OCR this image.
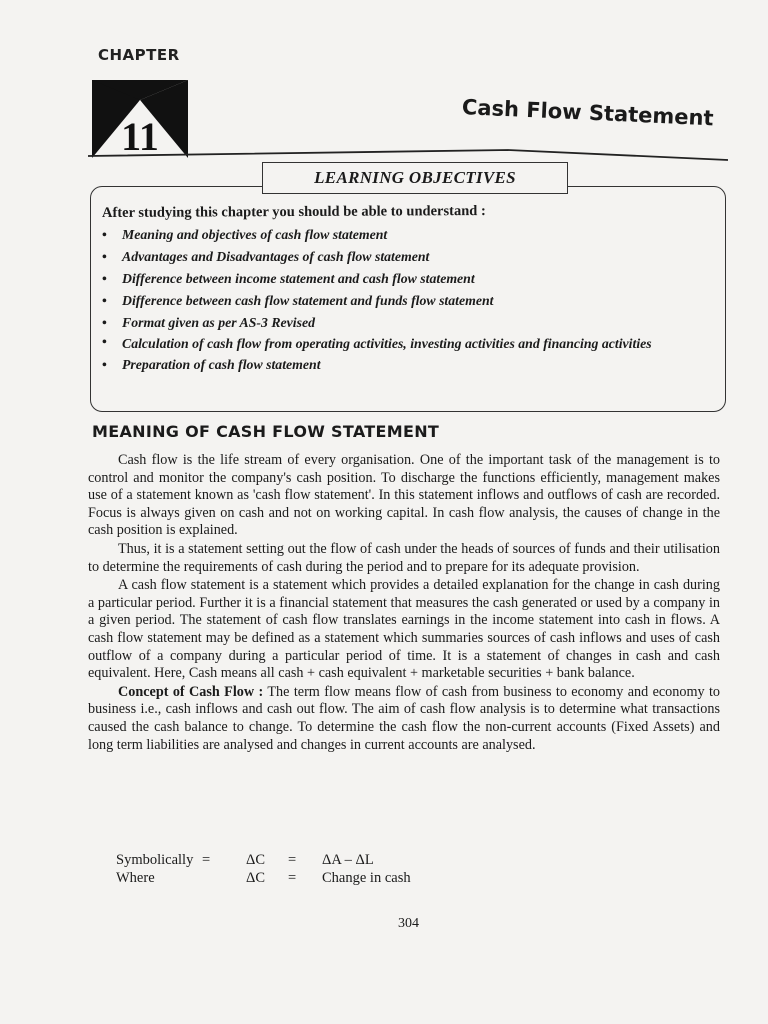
CHAPTER
11
Cash Flow Statement
LEARNING OBJECTIVES
After studying this chapter you should be able to understand :
• Meaning and objectives of cash flow statement
• Advantages and Disadvantages of cash flow statement
• Difference between income statement and cash flow statement
• Difference between cash flow statement and funds flow statement
• Format given as per AS-3 Revised
• Calculation of cash flow from operating activities, investing activities and financing activities
• Preparation of cash flow statement
MEANING OF CASH FLOW STATEMENT

Cash flow is the life stream of every organisation. One of the important task of the management is to control and monitor the company's cash position. To discharge the functions efficiently, management makes use of a statement known as 'cash flow statement'. In this statement inflows and outflows of cash are recorded. Focus is always given on cash and not on working capital. In cash flow analysis, the causes of change in the cash position is explained.

Thus, it is a statement setting out the flow of cash under the heads of sources of funds and their utilisation to determine the requirements of cash during the period and to prepare for its adequate provision.

A cash flow statement is a statement which provides a detailed explanation for the change in cash during a particular period. Further it is a financial statement that measures the cash generated or used by a company in a given period. The statement of cash flow translates earnings in the income statement into cash in flows. A cash flow statement may be defined as a statement which summaries sources of cash inflows and uses of cash outflow of a company during a particular period of time. It is a statement of changes in cash and cash equivalent. Here, Cash means all cash + cash equivalent + marketable securities + bank balance.

Concept of Cash Flow : The term flow means flow of cash from business to economy and economy to business i.e., cash inflows and cash out flow. The aim of cash flow analysis is to determine what transactions caused the cash balance to change. To determine the cash flow the non-current accounts (Fixed Assets) and long term liabilities are analysed and changes in current accounts are analysed.

Symbolically = ΔC = ΔA – ΔL
Where	ΔC = Change in cash
304
